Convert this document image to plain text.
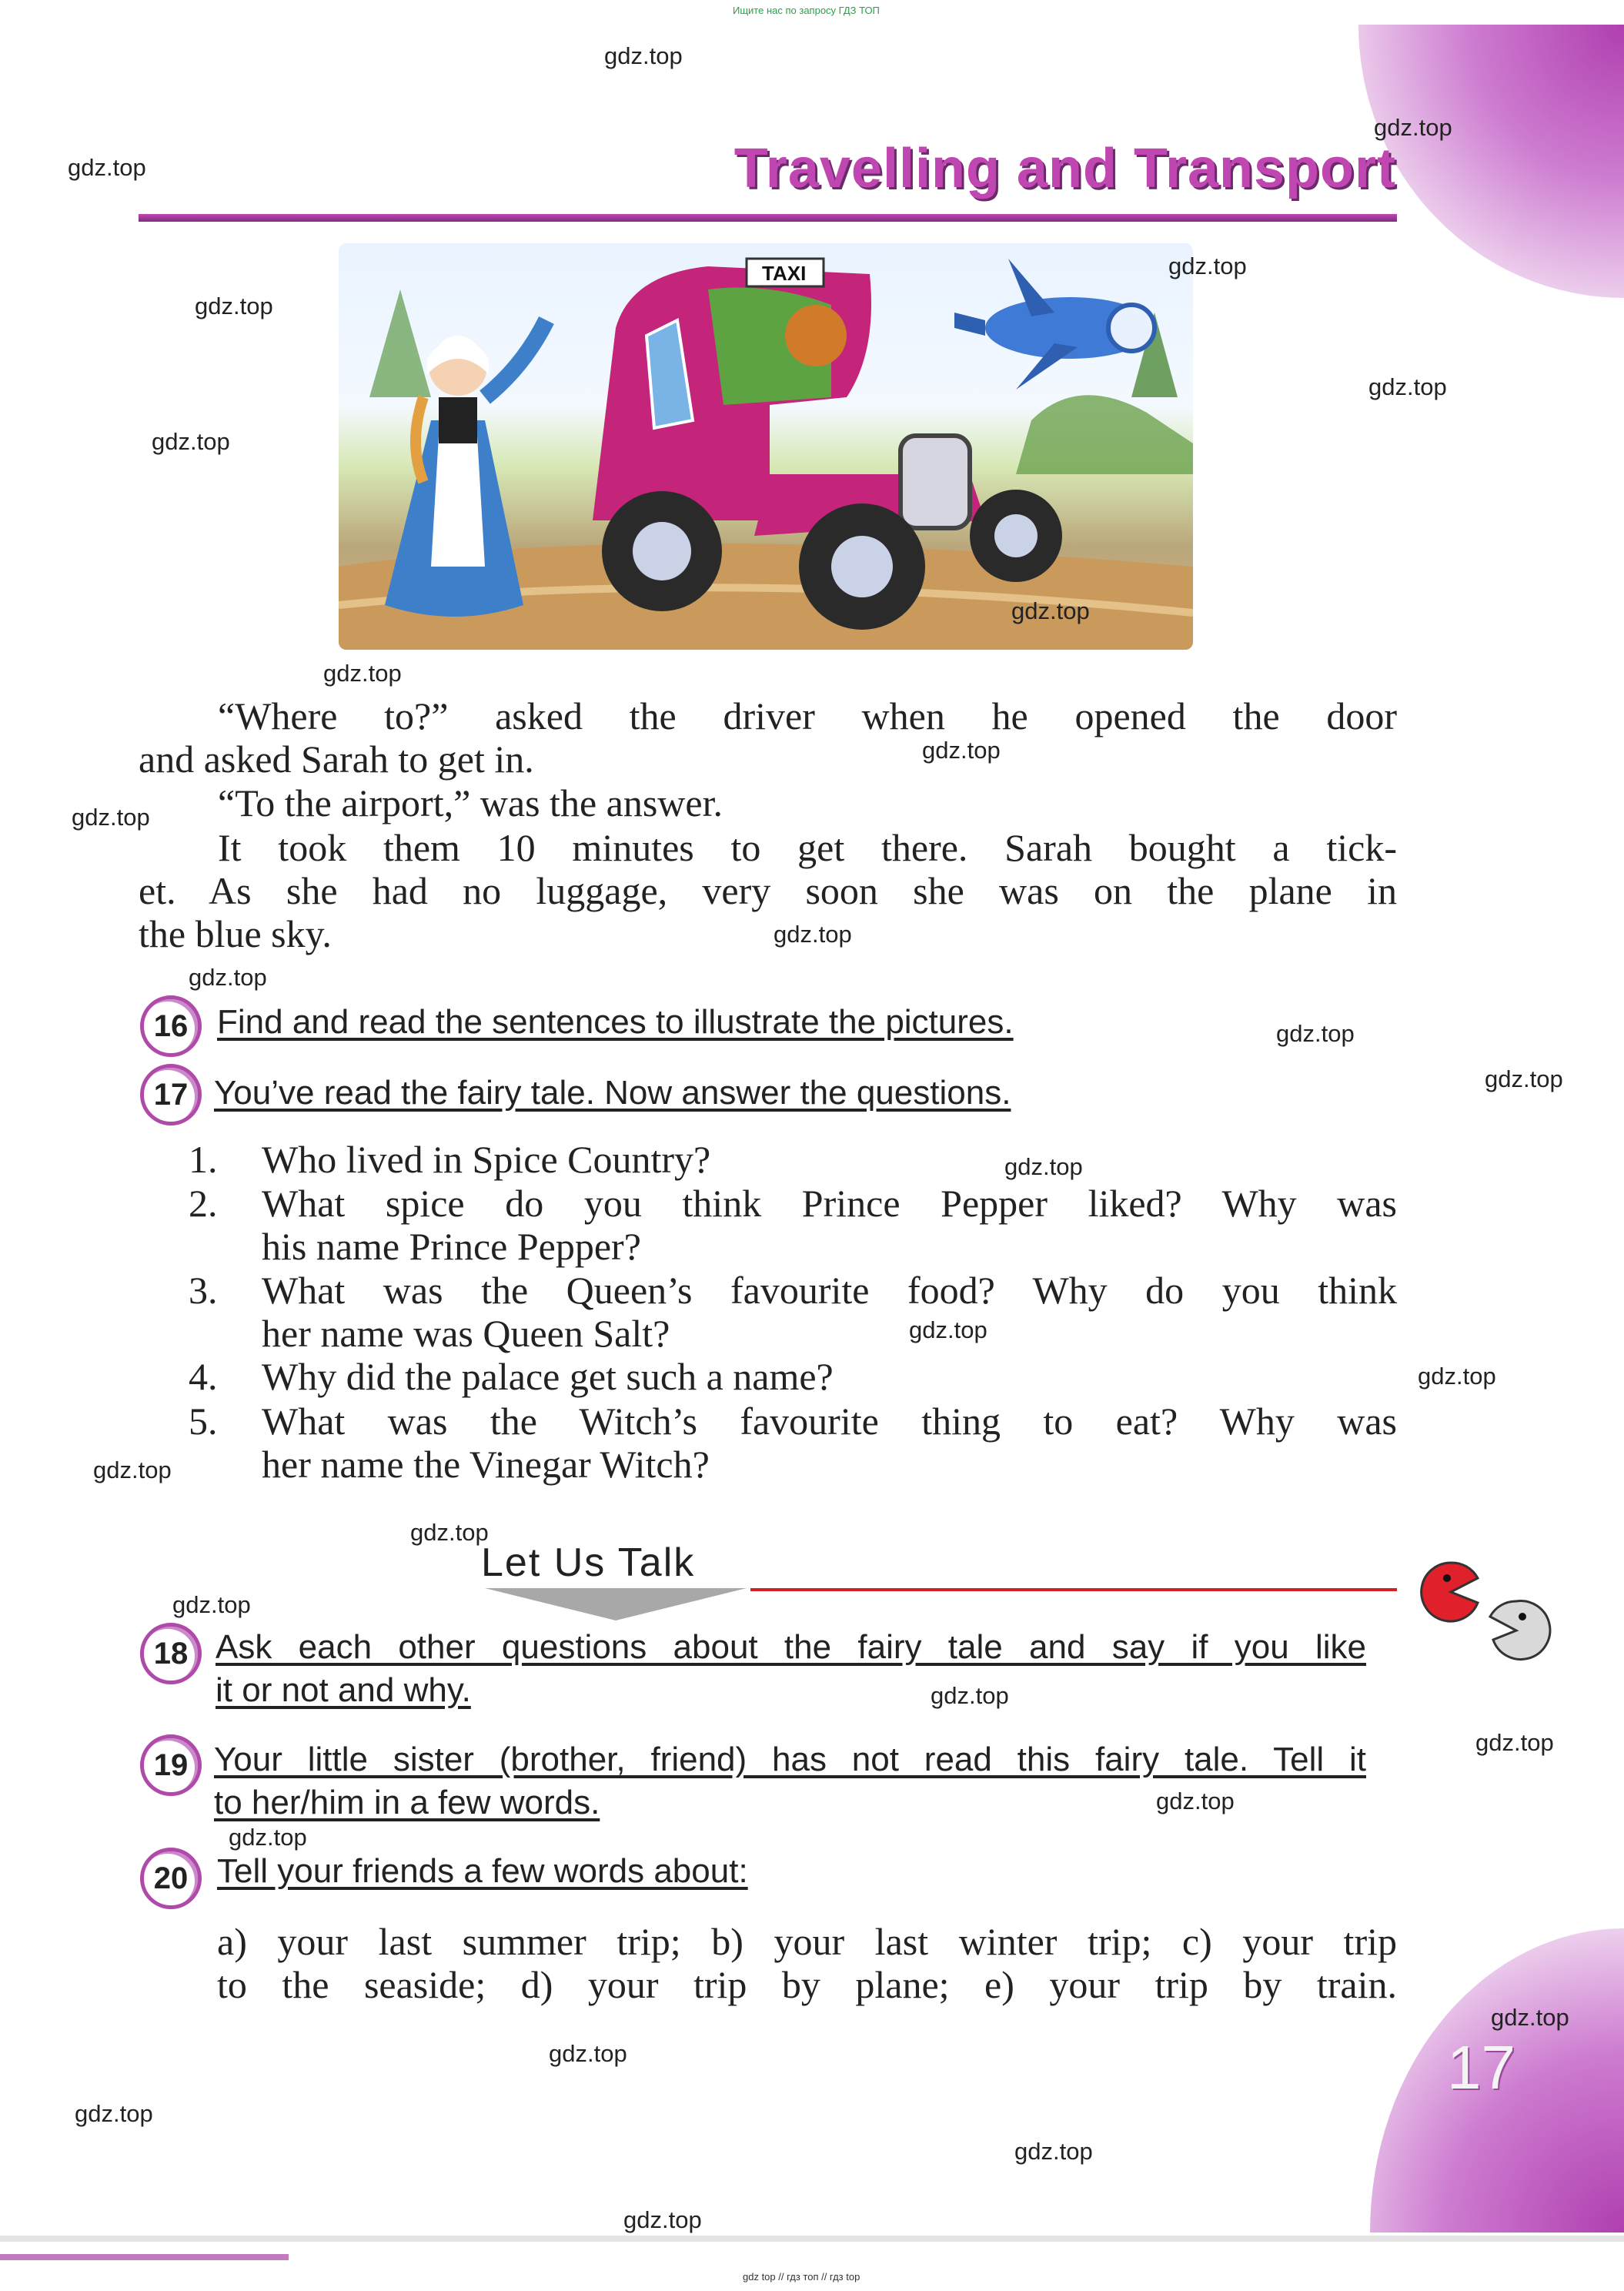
Ищите нас по запросу ГДЗ ТОП
Travelling and Transport
TAXI
“Where to?” asked the driver when he opened the door
and asked Sarah to get in.
“To the airport,” was the answer.
It took them 10 minutes to get there. Sarah bought a tick-
et. As she had no luggage, very soon she was on the plane in
the blue sky.
16 Find and read the sentences to illustrate the pictures.
17 You’ve read the fairy tale. Now answer the questions.
1. Who lived in Spice Country?
2. What spice do you think Prince Pepper liked? Why was
his name Prince Pepper?
3. What was the Queen’s favourite food? Why do you think
her name was Queen Salt?
4. Why did the palace get such a name?
5. What was the Witch’s favourite thing to eat? Why was
her name the Vinegar Witch?
Let Us Talk
18 Ask each other questions about the fairy tale and say if you like
it or not and why.
19 Your little sister (brother, friend) has not read this fairy tale. Tell it
to her/him in a few words.
20 Tell your friends a few words about:
a) your last summer trip; b) your last winter trip; c) your trip
to the seaside; d) your trip by plane; e) your trip by train.
17
gdz top // гдз топ // гдз top
gdz.top
gdz.top
gdz.top
gdz.top
gdz.top
gdz.top
gdz.top
gdz.top
gdz.top
gdz.top
gdz.top
gdz.top
gdz.top
gdz.top
gdz.top
gdz.top
gdz.top
gdz.top
gdz.top
gdz.top
gdz.top
gdz.top
gdz.top
gdz.top
gdz.top
gdz.top
gdz.top
gdz.top
gdz.top
gdz.top
